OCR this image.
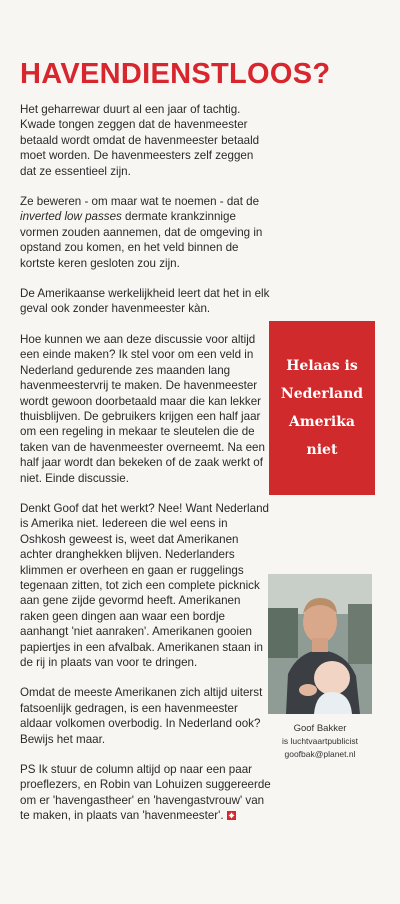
HAVENDIENSTLOOS?

Het geharrewar duurt al een jaar of tachtig. Kwade tongen zeggen dat de havenmeester betaald wordt omdat de havenmeester betaald moet worden. De havenmeesters zelf zeggen dat ze essentieel zijn.

Ze beweren - om maar wat te noemen - dat de inverted low passes dermate krankzinnige vormen zouden aannemen, dat de omgeving in opstand zou komen, en het veld binnen de kortste keren gesloten zou zijn.

De Amerikaanse werkelijkheid leert dat het in elk geval ook zonder havenmeester kàn.

Hoe kunnen we aan deze discussie voor altijd een einde maken? Ik stel voor om een veld in Nederland gedurende zes maanden lang havenmeestervrij te maken. De havenmeester wordt gewoon doorbetaald maar die kan lekker thuisblijven. De gebruikers krijgen een half jaar om een regeling in mekaar te sleutelen die de taken van de havenmeester overneemt. Na een half jaar wordt dan bekeken of de zaak werkt of niet. Einde discussie.

Denkt Goof dat het werkt? Nee! Want Nederland is Amerika niet. Iedereen die wel eens in Oshkosh geweest is, weet dat Amerikanen achter dranghekken blijven. Nederlanders klimmen er overheen en gaan er ruggelings tegenaan zitten, tot zich een complete picknick aan gene zijde gevormd heeft. Amerikanen raken geen dingen aan waar een bordje aanhangt 'niet aanraken'. Amerikanen gooien papiertjes in een afvalbak. Amerikanen staan in de rij in plaats van voor te dringen.

Omdat de meeste Amerikanen zich altijd uiterst fatsoenlijk gedragen, is een havenmeester aldaar volkomen overbodig. In Nederland ook? Bewijs het maar.

PS Ik stuur de column altijd op naar een paar proeflezers, en Robin van Lohuizen suggereerde om er 'havengastheer' en 'havengastvrouw' van te maken, in plaats van 'havenmeester'.

Helaas is
Nederland
Amerika
niet
Goof Bakker
is luchtvaartpublicist
goofbak@planet.nl
